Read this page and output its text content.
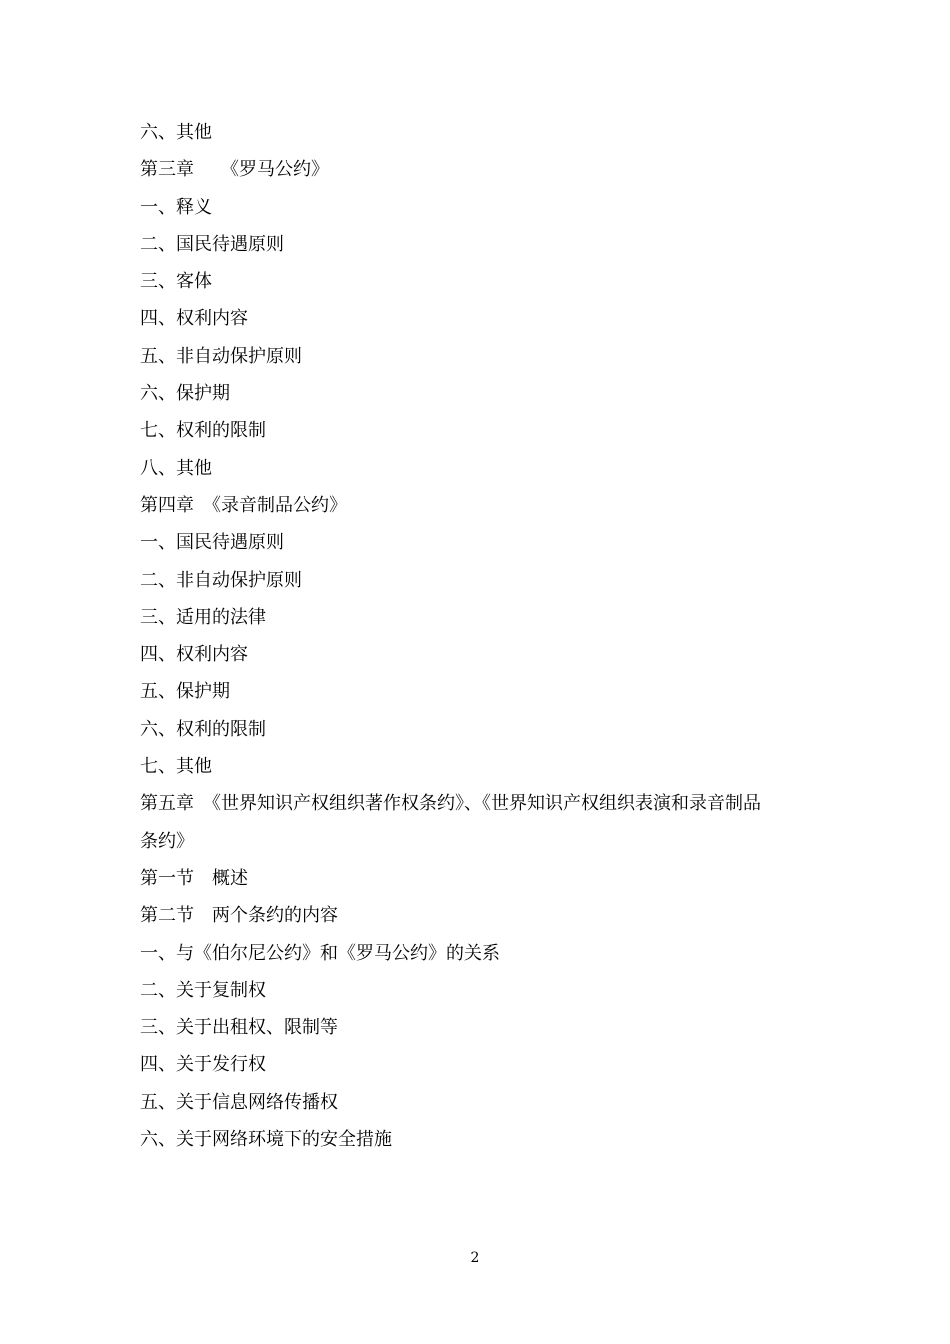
六、其他
第三章　　《罗马公约》
一、释义
二、国民待遇原则
三、客体
四、权利内容
五、非自动保护原则
六、保护期
七、权利的限制
八、其他
第四章　《录音制品公约》
一、国民待遇原则
二、非自动保护原则
三、适用的法律
四、权利内容
五、保护期
六、权利的限制
七、其他
第五章　《世界知识产权组织著作权条约》、《世界知识产权组织表演和录音制品
条约》
第一节　概述
第二节　两个条约的内容
一、与《伯尔尼公约》和《罗马公约》的关系
二、关于复制权
三、关于出租权、限制等
四、关于发行权
五、关于信息网络传播权
六、关于网络环境下的安全措施
2
